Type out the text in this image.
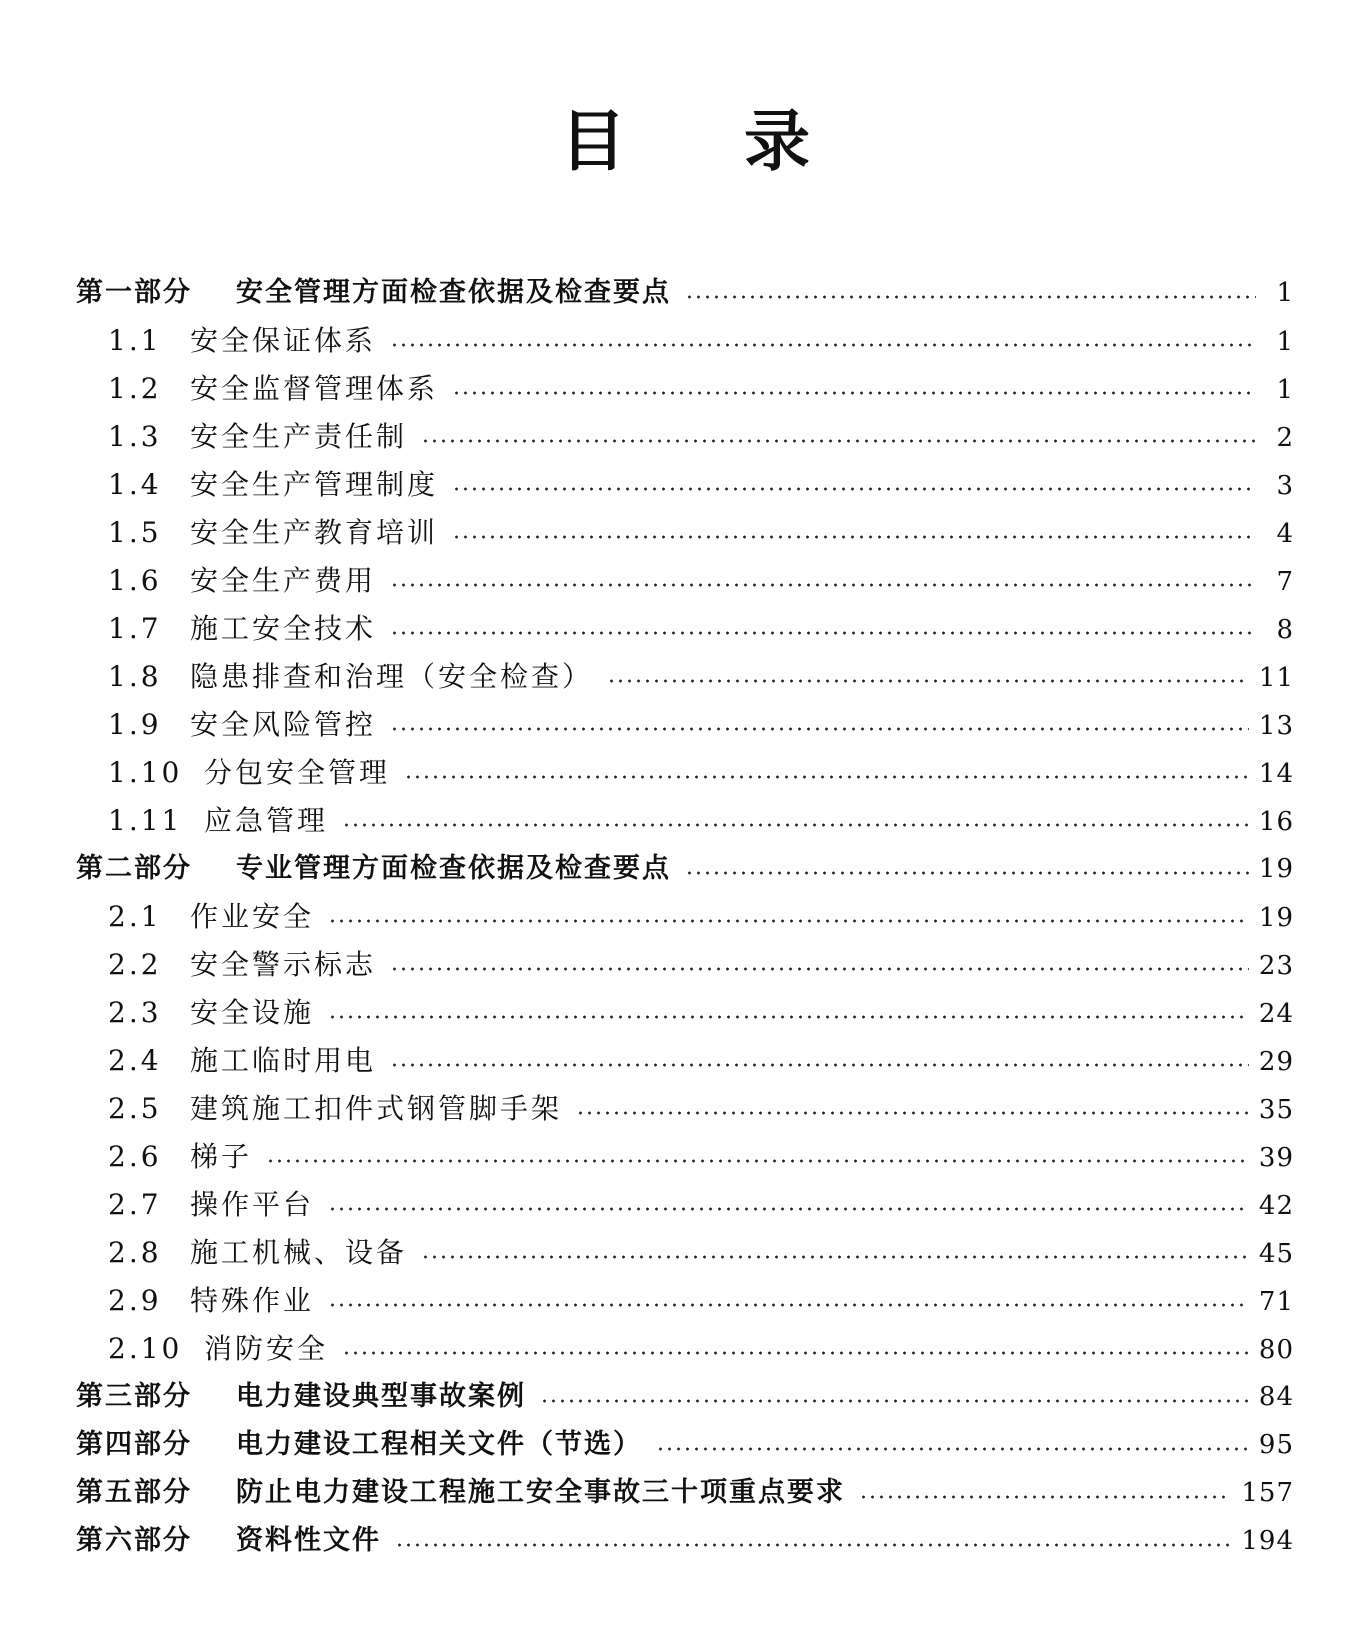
目 录
第一部分	安全管理方面检查依据及检查要点	1
1.1	安全保证体系	1
1.2	安全监督管理体系	1
1.3	安全生产责任制	2
1.4	安全生产管理制度	3
1.5	安全生产教育培训	4
1.6	安全生产费用	7
1.7	施工安全技术	8
1.8	隐患排查和治理（安全检查）	11
1.9	安全风险管控	13
1.10 分包安全管理	14
1.11 应急管理	16
第二部分	专业管理方面检查依据及检查要点	19
2.1	作业安全	19
2.2	安全警示标志	23
2.3	安全设施	24
2.4	施工临时用电	29
2.5	建筑施工扣件式钢管脚手架	35
2.6	梯子	39
2.7	操作平台	42
2.8	施工机械、设备	45
2.9	特殊作业	71
2.10 消防安全	80
第三部分	电力建设典型事故案例	84
第四部分	电力建设工程相关文件（节选）	95
第五部分	防止电力建设工程施工安全事故三十项重点要求	157
第六部分	资料性文件	194
